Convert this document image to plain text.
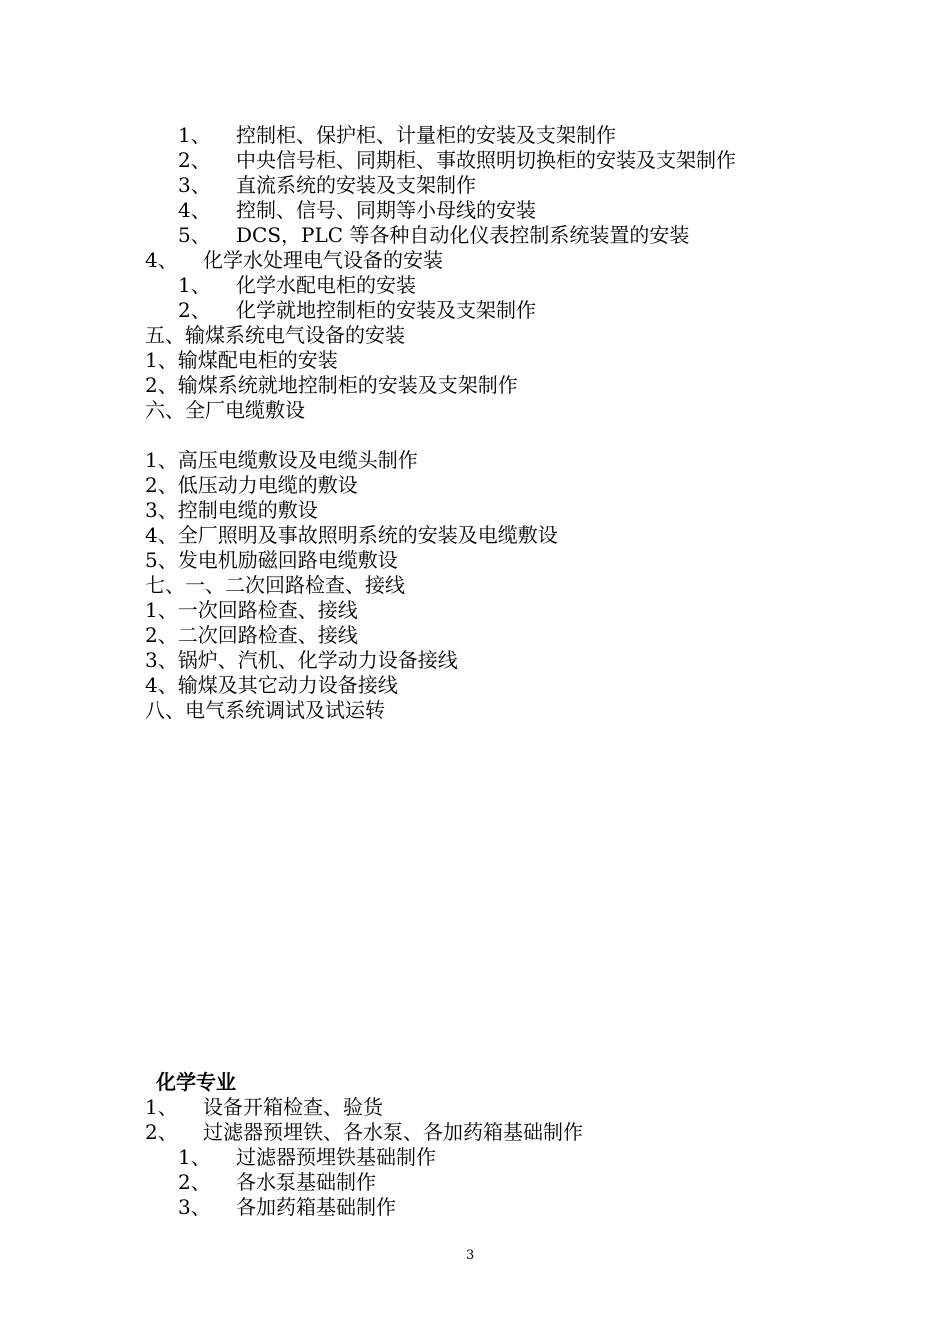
1、 控制柜、保护柜、计量柜的安装及支架制作
2、 中央信号柜、同期柜、事故照明切换柜的安装及支架制作
3、 直流系统的安装及支架制作
4、 控制、信号、同期等小母线的安装
5、 DCS，PLC 等各种自动化仪表控制系统装置的安装
4、 化学水处理电气设备的安装
1、 化学水配电柜的安装
2、 化学就地控制柜的安装及支架制作
五、输煤系统电气设备的安装
1、输煤配电柜的安装
2、输煤系统就地控制柜的安装及支架制作
六、全厂电缆敷设
1、高压电缆敷设及电缆头制作
2、低压动力电缆的敷设
3、控制电缆的敷设
4、全厂照明及事故照明系统的安装及电缆敷设
5、发电机励磁回路电缆敷设
七、一、二次回路检查、接线
1、一次回路检查、接线
2、二次回路检查、接线
3、锅炉、汽机、化学动力设备接线
4、输煤及其它动力设备接线
八、电气系统调试及试运转
化学专业
1、 设备开箱检查、验货
2、 过滤器预埋铁、各水泵、各加药箱基础制作
1、 过滤器预埋铁基础制作
2、 各水泵基础制作
3、 各加药箱基础制作
3
